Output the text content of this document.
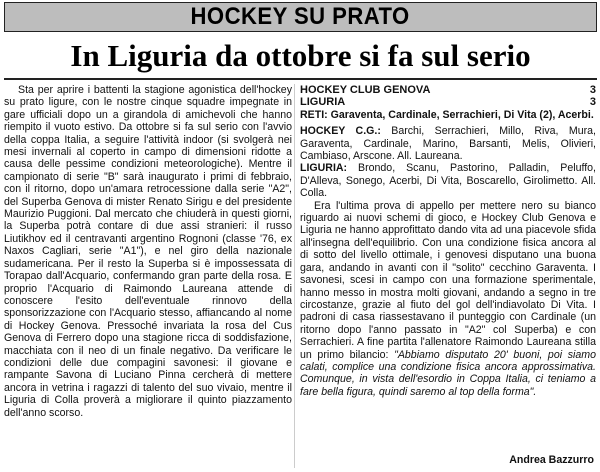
HOCKEY SU PRATO
In Liguria da ottobre si fa sul serio

Sta per aprire i battenti la stagione agonistica dell'hockey su prato ligure, con le nostre cinque squadre impegnate in gare ufficiali dopo un a girandola di amichevoli che hanno riempito il vuoto estivo. Da ottobre si fa sul serio con l'avvio della coppa Italia, a seguire l'attività indoor (si svolgerà nei mesi invernali al coperto in campo di dimensioni ridotte a causa delle pessime condizioni meteorologiche). Mentre il campionato di serie "B" sarà inaugurato i primi di febbraio, con il ritorno, dopo un'amara retrocessione dalla serie "A2", del Superba Genova di mister Renato Sirigu e del presidente Maurizio Puggioni. Dal mercato che chiuderà in questi giorni, la Superba potrà contare di due assi stranieri: il russo Liutikhov ed il centravanti argentino Rognoni (classe '76, ex Naxos Cagliari, serie "A1"), e nel giro della nazionale sudamericana. Per il resto la Superba si è impossessata di Torapao dall'Acquario, confermando gran parte della rosa. E proprio l'Acquario di Raimondo Laureana attende di conoscere l'esito dell'eventuale rinnovo della sponsorizzazione con l'Acquario stesso, affiancando al nome di Hockey Genova. Pressoché invariata la rosa del Cus Genova di Ferrero dopo una stagione ricca di soddisfazione, macchiata con il neo di un finale negativo. Da verificare le condizioni delle due compagini savonesi: il giovane e rampante Savona di Luciano Pinna cercherà di mettere ancora in vetrina i ragazzi di talento del suo vivaio, mentre il Liguria di Colla proverà a migliorare il quinto piazzamento dell'anno scorso.

HOCKEY CLUB GENOVA	3
LIGURIA	3

RETI: Garaventa, Cardinale, Serrachieri, Di Vita (2), Acerbi.

HOCKEY C.G.: Barchi, Serrachieri, Millo, Riva, Mura, Garaventa, Cardinale, Marino, Barsanti, Melis, Olivieri, Cambiaso, Arscone. All. Laureana.

LIGURIA: Brondo, Scanu, Pastorino, Palladin, Peluffo, D'Alleva, Sonego, Acerbi, Di Vita, Boscarello, Girolimetto. All. Colla.

Era l'ultima prova di appello per mettere nero su bianco riguardo ai nuovi schemi di gioco, e Hockey Club Genova e Liguria ne hanno approfittato dando vita ad una piacevole sfida all'insegna dell'equilibrio. Con una condizione fisica ancora al di sotto del livello ottimale, i genovesi disputano una buona gara, andando in avanti con il "solito" cecchino Garaventa. I savonesi, scesi in campo con una formazione sperimentale, hanno messo in mostra molti giovani, andando a segno in tre circostanze, grazie al fiuto del gol dell'indiavolato Di Vita. I padroni di casa riassestavano il punteggio con Cardinale (un ritorno dopo l'anno passato in "A2" col Superba) e con Serrachieri. A fine partita l'allenatore Raimondo Laureana stilla un primo bilancio: "Abbiamo disputato 20' buoni, poi siamo calati, complice una condizione fisica ancora approssimativa. Comunque, in vista dell'esordio in Coppa Italia, ci teniamo a fare bella figura, quindi saremo al top della forma".

Andrea Bazzurro
